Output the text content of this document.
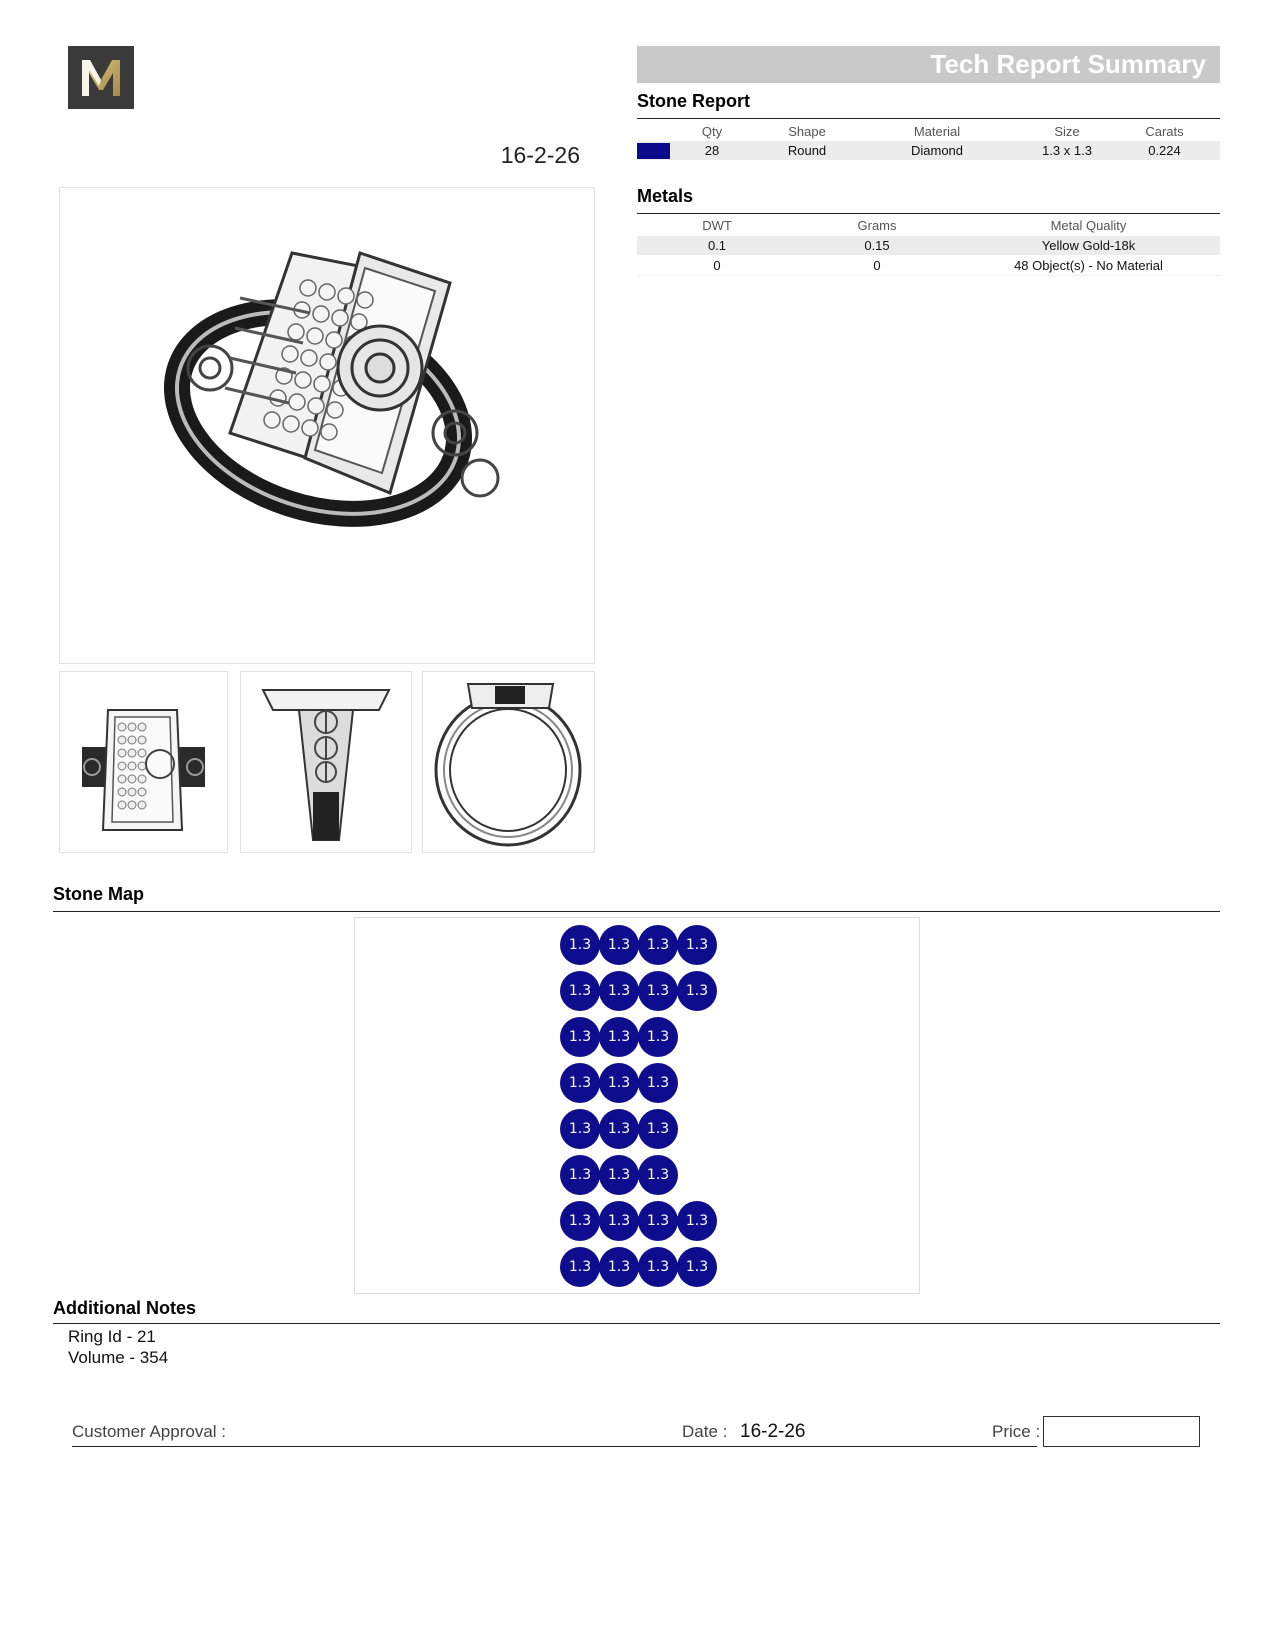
16-2-26
Tech Report Summary
Stone Report
Qty	Shape	Material	Size	Carats
28	Round	Diamond	1.3 x 1.3	0.224
Metals
DWT	Grams	Metal Quality
0.1	0.15	Yellow Gold-18k
0	0	48 Object(s) - No Material
Stone Map
1.3	1.3	1.3	1.3
1.3	1.3	1.3	1.3
1.3	1.3	1.3
1.3	1.3	1.3
1.3	1.3	1.3
1.3	1.3	1.3
1.3	1.3	1.3	1.3
1.3	1.3	1.3	1.3
Additional Notes
Ring Id - 21
Volume - 354
Customer Approval :	Date : 16-2-26	Price :
